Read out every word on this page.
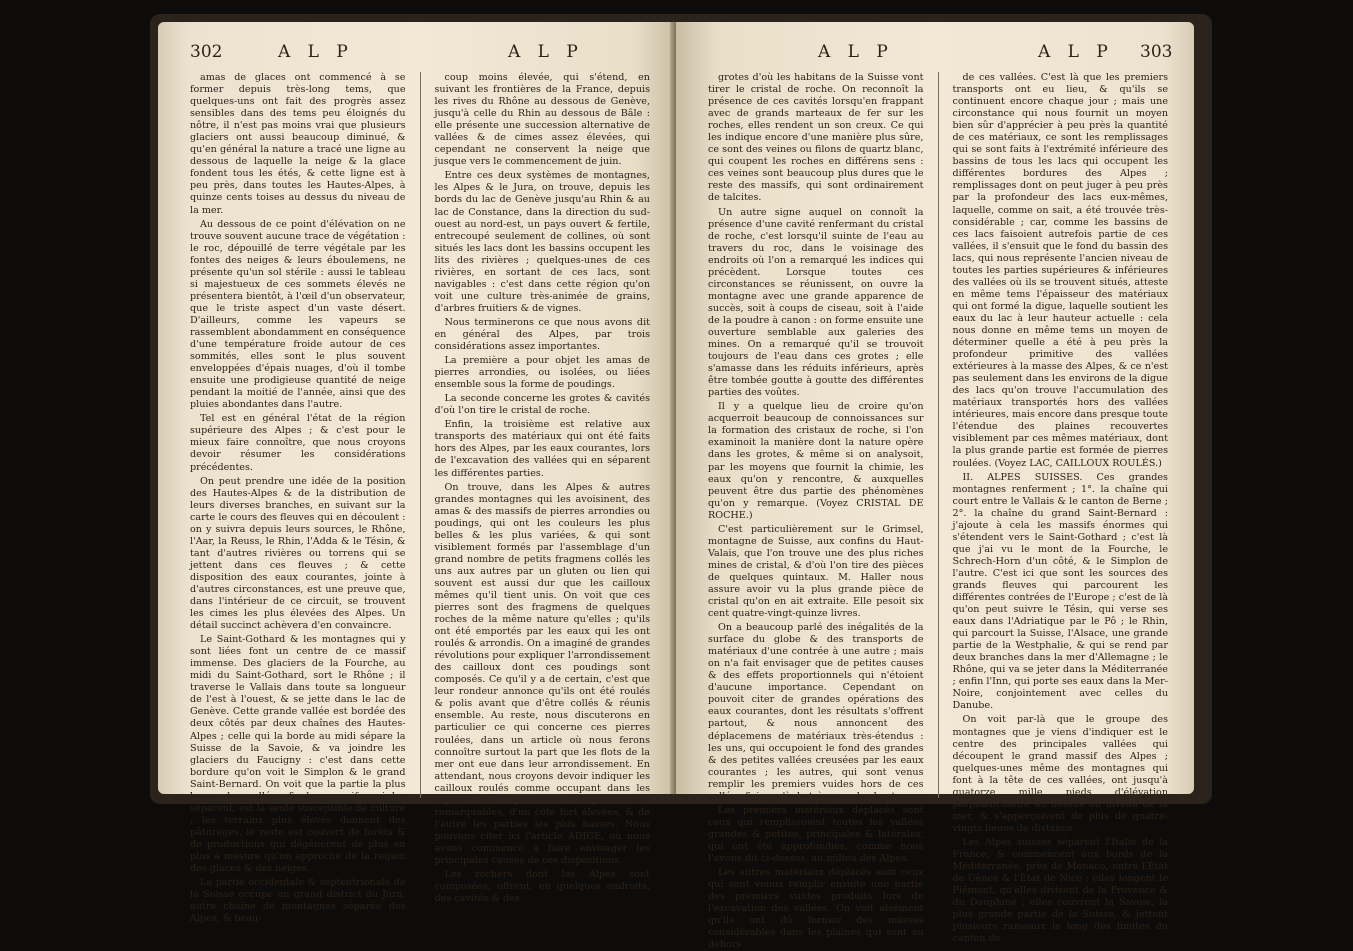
302	A L P	A L P

amas de glaces ont commencé à se former depuis très-long tems, que quelques-uns ont fait des progrès assez sensibles dans des tems peu éloignés du nôtre, il n'est pas moins vrai que plusieurs glaciers ont aussi beaucoup diminué, & qu'en général la nature a tracé une ligne au dessous de laquelle la neige & la glace fondent tous les étés, & cette ligne est à peu près, dans toutes les Hautes-Alpes, à quinze cents toises au dessus du niveau de la mer.

Au dessous de ce point d'élévation on ne trouve souvent aucune trace de végétation : le roc, dépouillé de terre végétale par les fontes des neiges & leurs éboulemens, ne présente qu'un sol stérile : aussi le tableau si majestueux de ces sommets élevés ne présentera bientôt, à l'œil d'un observateur, que le triste aspect d'un vaste désert. D'ailleurs, comme les vapeurs se rassemblent abondamment en conséquence d'une température froide autour de ces sommités, elles sont le plus souvent enveloppées d'épais nuages, d'où il tombe ensuite une prodigieuse quantité de neige pendant la moitié de l'année, ainsi que des pluies abondantes dans l'autre.

Tel est en général l'état de la région supérieure des Alpes ; & c'est pour le mieux faire connoître, que nous croyons devoir résumer les considérations précédentes.

On peut prendre une idée de la position des Hautes-Alpes & de la distribution de leurs diverses branches, en suivant sur la carte le cours des fleuves qui en découlent : on y suivra depuis leurs sources, le Rhône, l'Aar, la Reuss, le Rhin, l'Adda & le Tésin, & tant d'autres rivières ou torrens qui se jettent dans ces fleuves ; & cette disposition des eaux courantes, jointe à d'autres circonstances, est une preuve que, dans l'intérieur de ce circuit, se trouvent les cimes les plus élevées des Alpes. Un détail succinct achèvera d'en convaincre.

Le Saint-Gothard & les montagnes qui y sont liées font un centre de ce massif immense. Des glaciers de la Fourche, au midi du Saint-Gothard, sort le Rhône ; il traverse le Vallais dans toute sa longueur de l'est à l'ouest, & se jette dans le lac de Genève. Cette grande vallée est bordée des deux côtés par deux chaînes des Hautes-Alpes ; celle qui la borde au midi sépare la Suisse de la Savoie, & va joindre les glaciers du Faucigny : c'est dans cette bordure qu'on voit le Simplon & le grand Saint-Bernard. On voit que la partie la plus basse des vallées & des massifs qui les séparent, est la seule susceptible de culture ; les terrains plus élevés donnent des pâturages, le reste est couvert de forêts & de productions qui dégénèrent de plus en plus à mesure qu'on approche de la région des glaces & des neiges.

La partie occidentale & septentrionale de la Suisse occupe un grand district du Jura, autre chaîne de montagnes séparée des Alpes, & beau-

coup moins élevée, qui s'étend, en suivant les frontières de la France, depuis les rives du Rhône au dessous de Genève, jusqu'à celle du Rhin au dessous de Bâle : elle présente une succession alternative de vallées & de cimes assez élevées, qui cependant ne conservent la neige que jusque vers le commencement de juin.

Entre ces deux systèmes de montagnes, les Alpes & le Jura, on trouve, depuis les bords du lac de Genève jusqu'au Rhin & au lac de Constance, dans la direction du sud-ouest au nord-est, un pays ouvert & fertile, entrecoupé seulement de collines, où sont situés les lacs dont les bassins occupent les lits des rivières ; quelques-unes de ces rivières, en sortant de ces lacs, sont navigables : c'est dans cette région qu'on voit une culture très-animée de grains, d'arbres fruitiers & de vignes.

Nous terminerons ce que nous avons dit en général des Alpes, par trois considérations assez importantes.

La première a pour objet les amas de pierres arrondies, ou isolées, ou liées ensemble sous la forme de poudings.

La seconde concerne les grotes & cavités d'où l'on tire le cristal de roche.

Enfin, la troisième est relative aux transports des matériaux qui ont été faits hors des Alpes, par les eaux courantes, lors de l'excavation des vallées qui en séparent les différentes parties.

On trouve, dans les Alpes & autres grandes montagnes qui les avoisinent, des amas & des massifs de pierres arrondies ou poudings, qui ont les couleurs les plus belles & les plus variées, & qui sont visiblement formés par l'assemblage d'un grand nombre de petits fragmens collés les uns aux autres par un gluten ou lien qui souvent est aussi dur que les cailloux mêmes qu'il tient unis. On voit que ces pierres sont des fragmens de quelques roches de la même nature qu'elles ; qu'ils ont été emportés par les eaux qui les ont roulés & arrondis. On a imaginé de grandes révolutions pour expliquer l'arrondissement des cailloux dont ces poudings sont composés. Ce qu'il y a de certain, c'est que leur rondeur annonce qu'ils ont été roulés & polis avant que d'être collés & réunis ensemble. Au reste, nous discuterons en particulier ce qui concerne ces pierres roulées, dans un article où nous ferons connoître surtout la part que les flots de la mer ont eue dans leur arrondissement. En attendant, nous croyons devoir indiquer les cailloux roulés comme occupant dans les Alpes des positions singulièrement remarquables, d'un côté fort élevées, & de l'autre les parties les plus basses. Nous pouvons citer ici l'article ADIGE, où nous avons commencé à faire envisager les principales causes de ces dispositions.

Les rochers dont les Alpes sont composées, offrent, en quelques endroits, des cavités & des

A L P	A L P 303

grotes d'où les habitans de la Suisse vont tirer le cristal de roche. On reconnoît la présence de ces cavités lorsqu'en frappant avec de grands marteaux de fer sur les roches, elles rendent un son creux. Ce qui les indique encore d'une manière plus sûre, ce sont des veines ou filons de quartz blanc, qui coupent les roches en différens sens : ces veines sont beaucoup plus dures que le reste des massifs, qui sont ordinairement de talcites.

Un autre signe auquel on connoît la présence d'une cavité renfermant du cristal de roche, c'est lorsqu'il suinte de l'eau au travers du roc, dans le voisinage des endroits où l'on a remarqué les indices qui précèdent. Lorsque toutes ces circonstances se réunissent, on ouvre la montagne avec une grande apparence de succès, soit à coups de ciseau, soit à l'aide de la poudre à canon : on forme ensuite une ouverture semblable aux galeries des mines. On a remarqué qu'il se trouvoit toujours de l'eau dans ces grotes ; elle s'amasse dans les réduits inférieurs, après être tombée goutte à goutte des différentes parties des voûtes.

Il y a quelque lieu de croire qu'on acquerroit beaucoup de connoissances sur la formation des cristaux de roche, si l'on examinoit la manière dont la nature opère dans les grotes, & même si on analysoit, par les moyens que fournit la chimie, les eaux qu'on y rencontre, & auxquelles peuvent être dus partie des phénomènes qu'on y remarque. (Voyez CRISTAL DE ROCHE.)

C'est particulièrement sur le Grimsel, montagne de Suisse, aux confins du Haut-Valais, que l'on trouve une des plus riches mines de cristal, & d'où l'on tire des pièces de quelques quintaux. M. Haller nous assure avoir vu la plus grande pièce de cristal qu'on en ait extraite. Elle pesoit six cent quatre-vingt-quinze livres.

On a beaucoup parlé des inégalités de la surface du globe & des transports de matériaux d'une contrée à une autre ; mais on n'a fait envisager que de petites causes & des effets proportionnels qui n'étoient d'aucune importance. Cependant on pouvoit citer de grandes opérations des eaux courantes, dont les résultats s'offrent partout, & nous annoncent des déplacemens de matériaux très-étendus : les uns, qui occupoient le fond des grandes & des petites vallées creusées par les eaux courantes ; les autres, qui sont venus remplir les premiers vuides hors de ces vallées & jusqu'à de très-grandes hauteurs.

Les premiers matériaux déplacés sont ceux qui remplissoient toutes les vallées grandes & petites, principales & latérales, qui ont été approfondies, comme nous l'avons dit ci-dessus, au milieu des Alpes.

Les autres matériaux déplacés sont ceux qui sont venus remplir ensuite une partie des premiers vuides produits lors de l'excavation des vallées. On voit aisément qu'ils ont dû former des masses considérables dans les plaines qui sont au dehors

de ces vallées. C'est là que les premiers transports ont eu lieu, & qu'ils se continuent encore chaque jour ; mais une circonstance qui nous fournit un moyen bien sûr d'apprécier à peu près la quantité de ces matériaux, ce sont les remplissages qui se sont faits à l'extrémité inférieure des bassins de tous les lacs qui occupent les différentes bordures des Alpes ; remplissages dont on peut juger à peu près par la profondeur des lacs eux-mêmes, laquelle, comme on sait, a été trouvée très-considérable ; car, comme les bassins de ces lacs faisoient autrefois partie de ces vallées, il s'ensuit que le fond du bassin des lacs, qui nous représente l'ancien niveau de toutes les parties supérieures & inférieures des vallées où ils se trouvent situés, atteste en même tems l'épaisseur des matériaux qui ont formé la digue, laquelle soutient les eaux du lac à leur hauteur actuelle : cela nous donne en même tems un moyen de déterminer quelle a été à peu près la profondeur primitive des vallées extérieures à la masse des Alpes, & ce n'est pas seulement dans les environs de la digue des lacs qu'on trouve l'accumulation des matériaux transportés hors des vallées intérieures, mais encore dans presque toute l'étendue des plaines recouvertes visiblement par ces mêmes matériaux, dont la plus grande partie est formée de pierres roulées. (Voyez LAC, CAILLOUX ROULÉS.)

II. ALPES SUISSES. Ces grandes montagnes renferment ; 1°. la chaîne qui court entre le Vallais & le canton de Berne ; 2°. la chaîne du grand Saint-Bernard : j'ajoute à cela les massifs énormes qui s'étendent vers le Saint-Gothard ; c'est là que j'ai vu le mont de la Fourche, le Schrech-Horn d'un côté, & le Simplon de l'autre. C'est ici que sont les sources des grands fleuves qui parcourent les différentes contrées de l'Europe ; c'est de là qu'on peut suivre le Tésin, qui verse ses eaux dans l'Adriatique par le Pô ; le Rhin, qui parcourt la Suisse, l'Alsace, une grande partie de la Westphalie, & qui se rend par deux branches dans la mer d'Allemagne ; le Rhône, qui va se jeter dans la Méditerranée ; enfin l'Inn, qui porte ses eaux dans la Mer-Noire, conjointement avec celles du Danube.

On voit par-là que le groupe des montagnes que je viens d'indiquer est le centre des principales vallées qui découpent le grand massif des Alpes ; quelques-unes même des montagnes qui font à la tête de ces vallées, ont jusqu'à quatorze mille pieds d'élévation perpendiculaire au dessus du niveau de la mer, & s'apperçoivent de plus de quatre-vingts lieues de distance.

Les Alpes suisses séparent l'Italie de la France, & commencent aux bords de la Méditerranée, près de Monaco, entre l'État de Gênes & l'État de Nice ; elles longent le Piémont, qu'elles divisent de la Provence & du Dauphiné ; elles couvrent la Savoie, la plus grande partie de la Suisse, & jettent plusieurs rameaux le long des limites du canton de
